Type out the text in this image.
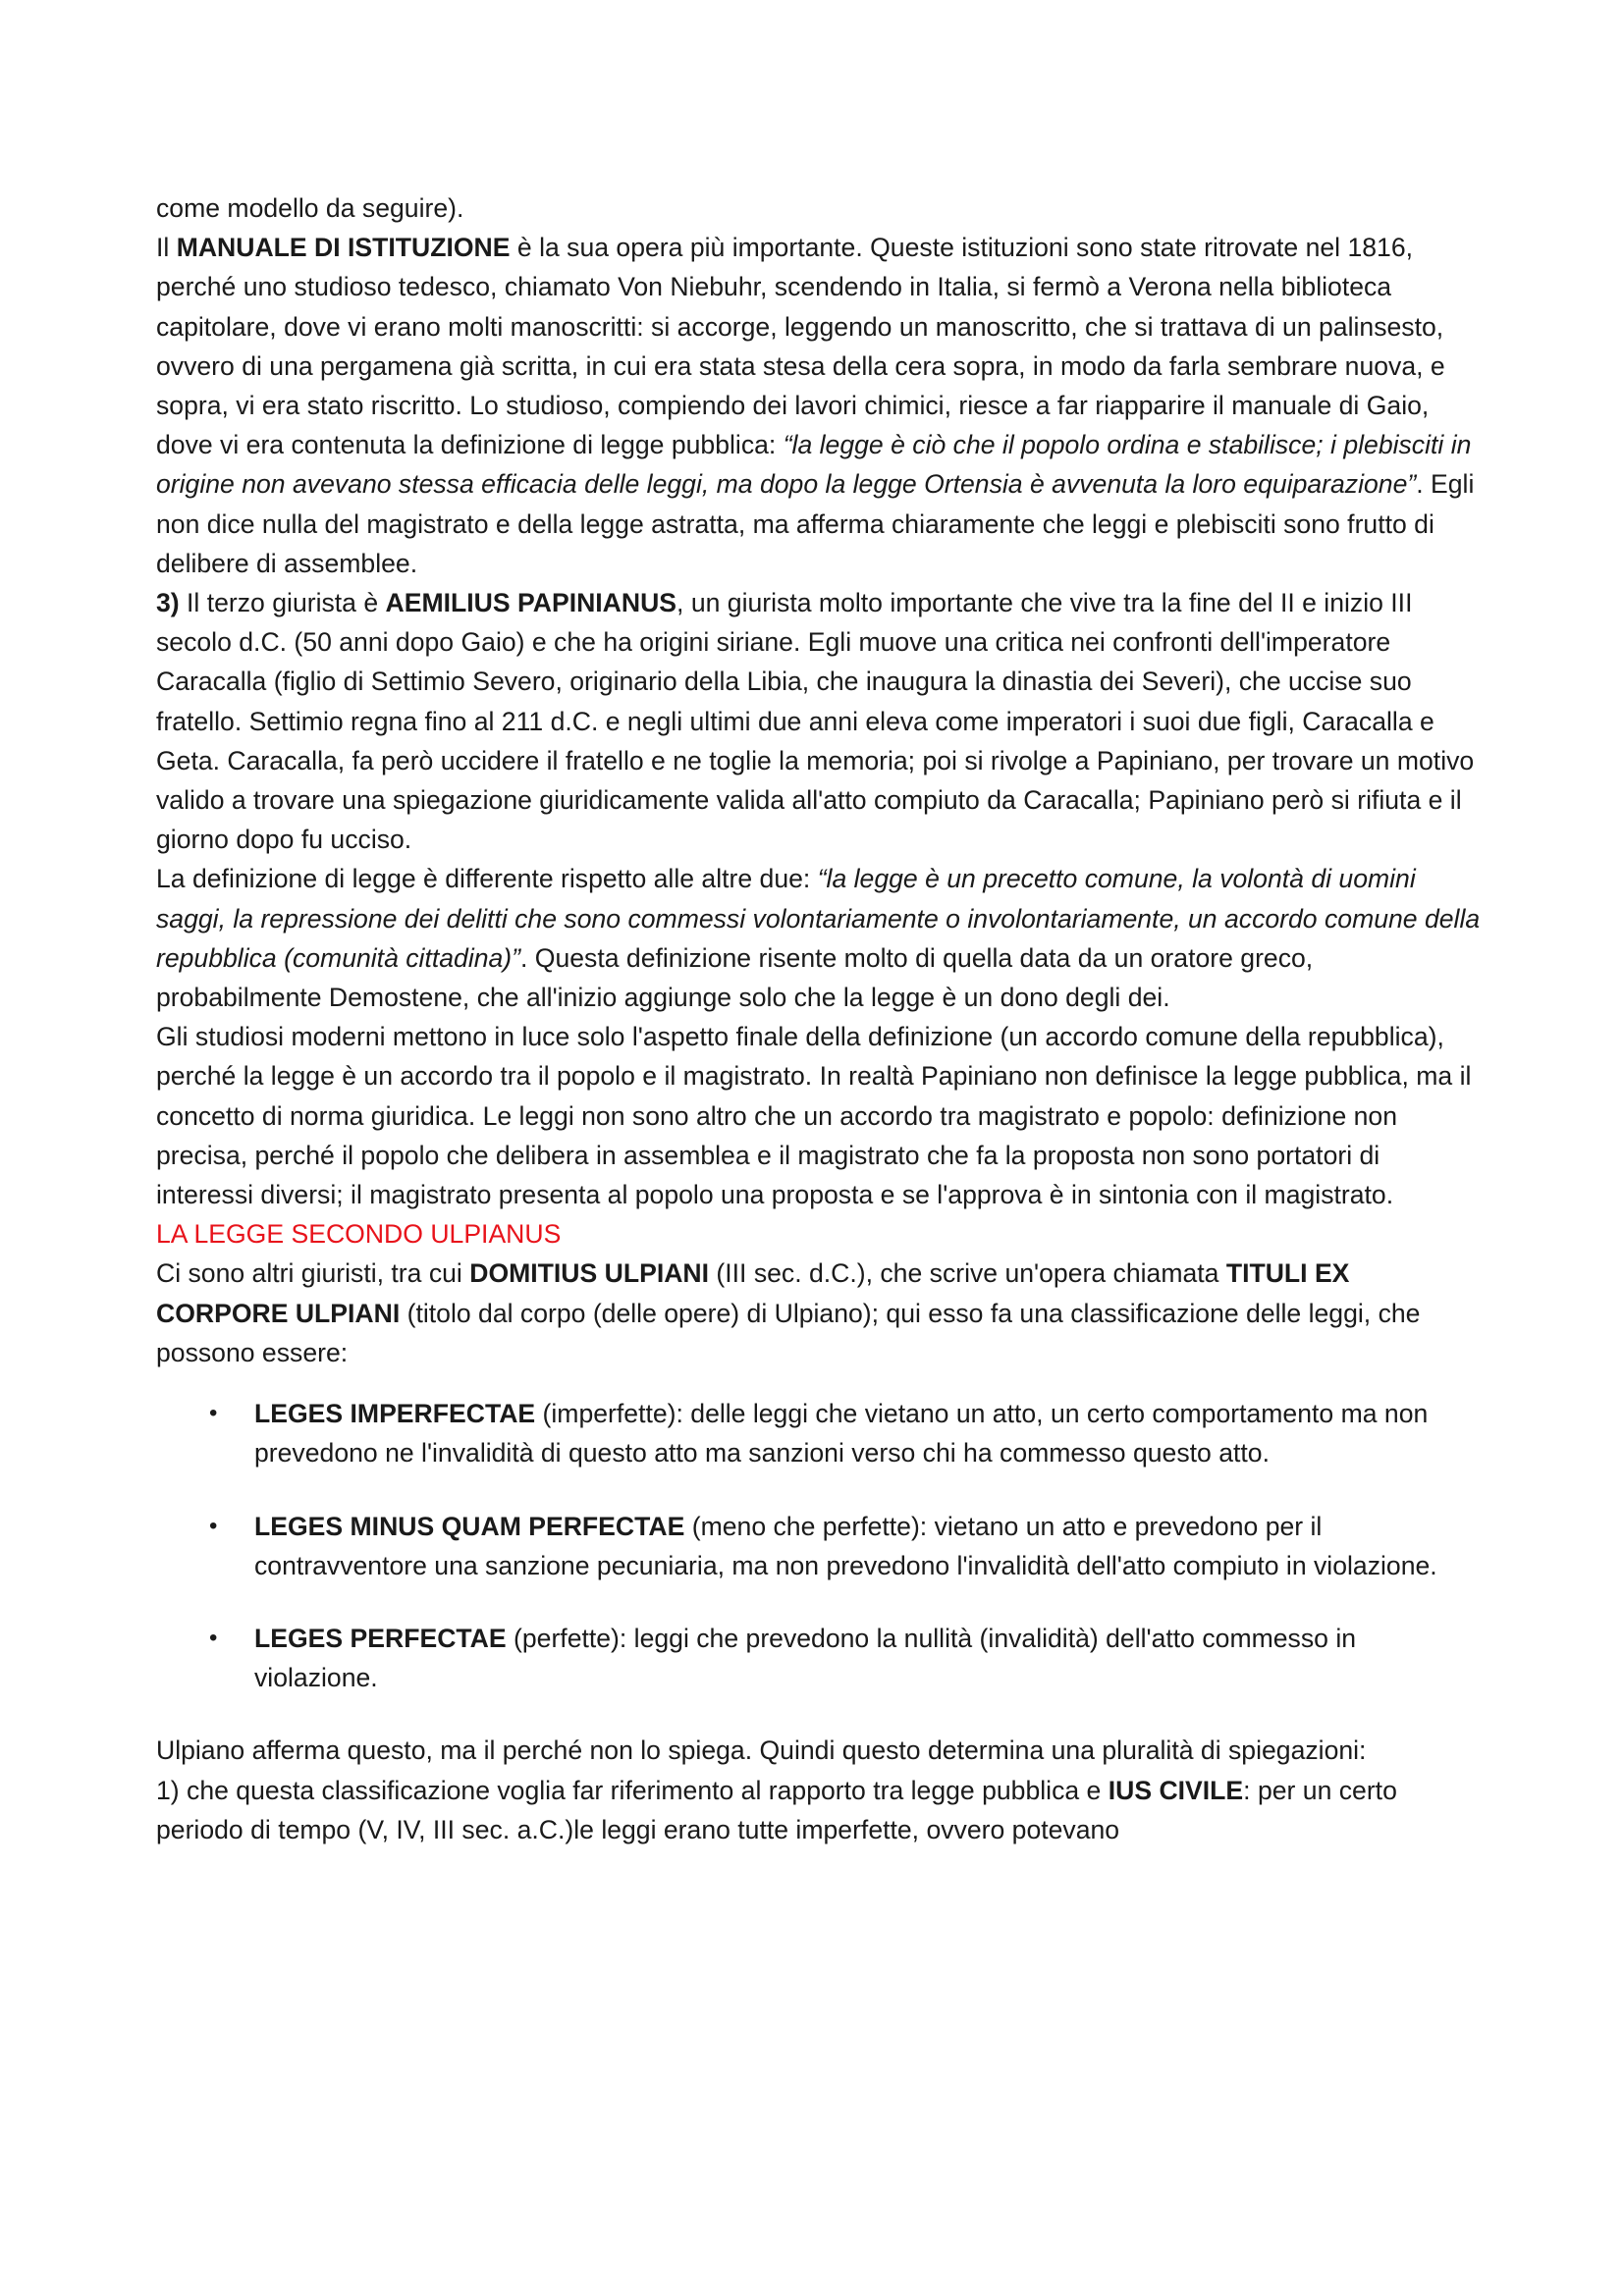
come modello da seguire).

Il MANUALE DI ISTITUZIONE è la sua opera più importante. Queste istituzioni sono state ritrovate nel 1816, perché uno studioso tedesco, chiamato Von Niebuhr, scendendo in Italia, si fermò a Verona nella biblioteca capitolare, dove vi erano molti manoscritti: si accorge, leggendo un manoscritto, che si trattava di un palinsesto, ovvero di una pergamena già scritta, in cui era stata stesa della cera sopra, in modo da farla sembrare nuova, e sopra, vi era stato riscritto. Lo studioso, compiendo dei lavori chimici, riesce a far riapparire il manuale di Gaio, dove vi era contenuta la definizione di legge pubblica: “la legge è ciò che il popolo ordina e stabilisce; i plebisciti in origine non avevano stessa efficacia delle leggi, ma dopo la legge Ortensia è avvenuta la loro equiparazione”. Egli non dice nulla del magistrato e della legge astratta, ma afferma chiaramente che leggi e plebisciti sono frutto di delibere di assemblee.

3) Il terzo giurista è AEMILIUS PAPINIANUS, un giurista molto importante che vive tra la fine del II e inizio III secolo d.C. (50 anni dopo Gaio) e che ha origini siriane. Egli muove una critica nei confronti dell'imperatore Caracalla (figlio di Settimio Severo, originario della Libia, che inaugura la dinastia dei Severi), che uccise suo fratello. Settimio regna fino al 211 d.C. e negli ultimi due anni eleva come imperatori i suoi due figli, Caracalla e Geta. Caracalla, fa però uccidere il fratello e ne toglie la memoria; poi si rivolge a Papiniano, per trovare un motivo valido a trovare una spiegazione giuridicamente valida all'atto compiuto da Caracalla; Papiniano però si rifiuta e il giorno dopo fu ucciso.

La definizione di legge è differente rispetto alle altre due: “la legge è un precetto comune, la volontà di uomini saggi, la repressione dei delitti che sono commessi volontariamente o involontariamente, un accordo comune della repubblica (comunità cittadina)”. Questa definizione risente molto di quella data da un oratore greco, probabilmente Demostene, che all'inizio aggiunge solo che la legge è un dono degli dei.

Gli studiosi moderni mettono in luce solo l'aspetto finale della definizione (un accordo comune della repubblica), perché la legge è un accordo tra il popolo e il magistrato. In realtà Papiniano non definisce la legge pubblica, ma il concetto di norma giuridica. Le leggi non sono altro che un accordo tra magistrato e popolo: definizione non precisa, perché il popolo che delibera in assemblea e il magistrato che fa la proposta non sono portatori di interessi diversi; il magistrato presenta al popolo una proposta e se l'approva è in sintonia con il magistrato.

LA LEGGE SECONDO ULPIANUS

Ci sono altri giuristi, tra cui DOMITIUS ULPIANI (III sec. d.C.), che scrive un'opera chiamata TITULI EX CORPORE ULPIANI (titolo dal corpo (delle opere) di Ulpiano); qui esso fa una classificazione delle leggi, che possono essere:

• LEGES IMPERFECTAE (imperfette): delle leggi che vietano un atto, un certo comportamento ma non prevedono ne l'invalidità di questo atto ma sanzioni verso chi ha commesso questo atto.
• LEGES MINUS QUAM PERFECTAE (meno che perfette): vietano un atto e prevedono per il contravventore una sanzione pecuniaria, ma non prevedono l'invalidità dell'atto compiuto in violazione.
• LEGES PERFECTAE (perfette): leggi che prevedono la nullità (invalidità) dell'atto commesso in violazione.

Ulpiano afferma questo, ma il perché non lo spiega. Quindi questo determina una pluralità di spiegazioni:

1) che questa classificazione voglia far riferimento al rapporto tra legge pubblica e IUS CIVILE: per un certo periodo di tempo (V, IV, III sec. a.C.)le leggi erano tutte imperfette, ovvero potevano
